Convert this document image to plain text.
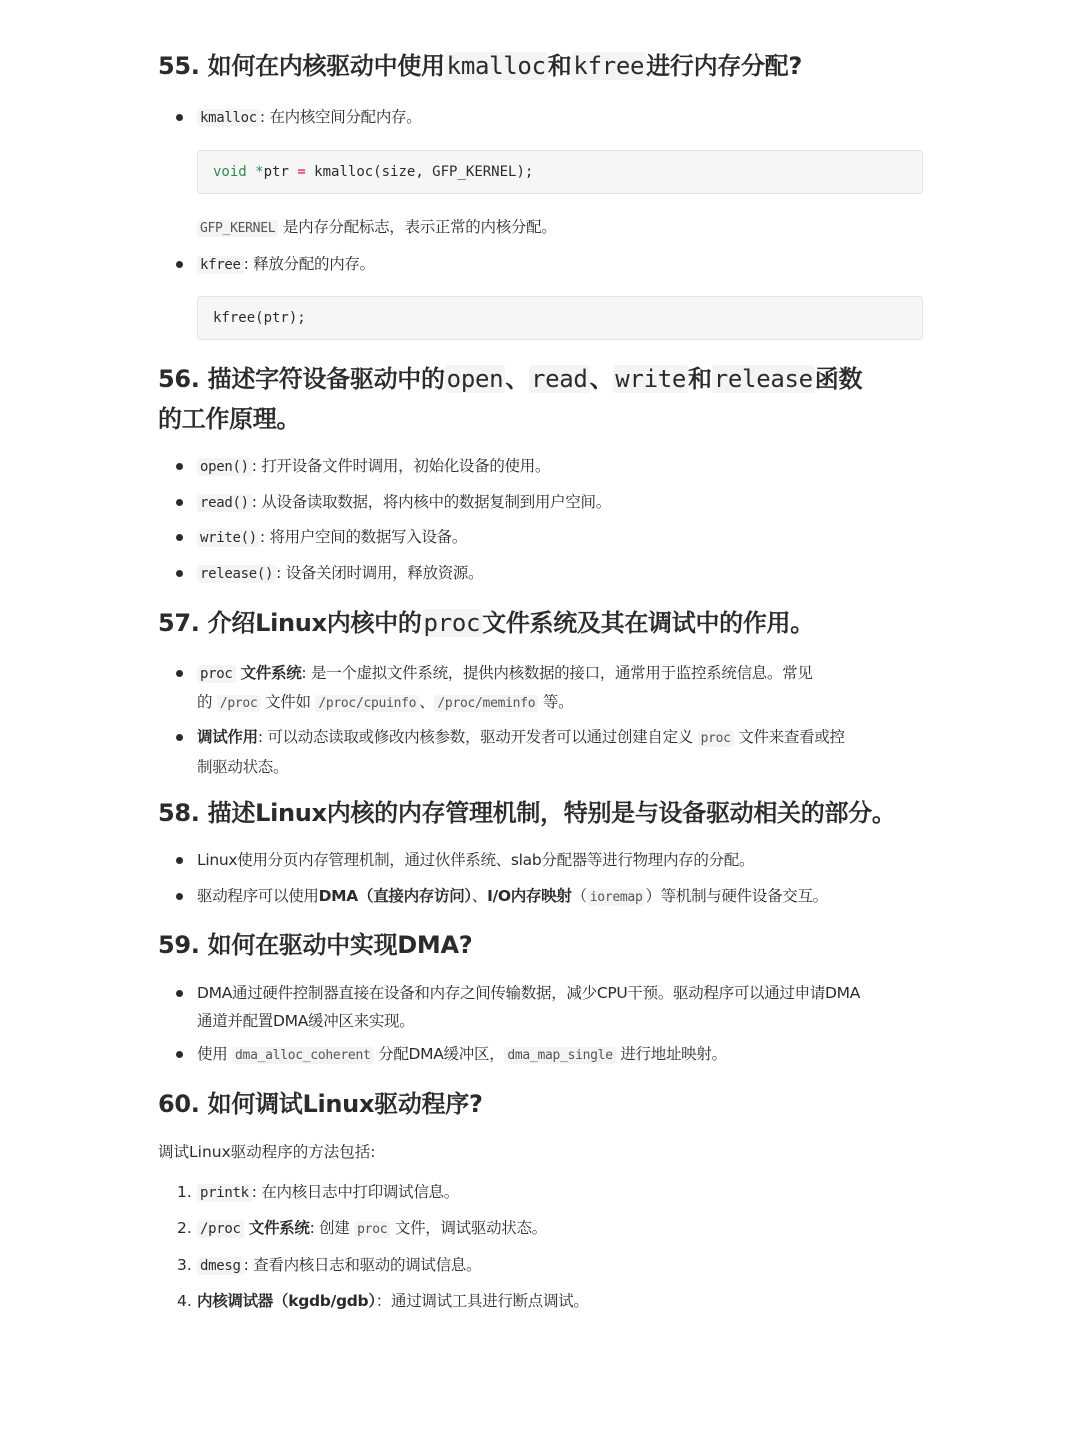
55. 如何在内核驱动中使用kmalloc和kfree进行内存分配?
kmalloc : 在内核空间分配内存。
void *ptr = kmalloc(size, GFP_KERNEL);
GFP_KERNEL 是内存分配标志，表示正常的内核分配。
kfree : 释放分配的内存。
kfree(ptr);
56. 描述字符设备驱动中的open、read、write和release函数
的工作原理。
open() : 打开设备文件时调用，初始化设备的使用。
read() : 从设备读取数据，将内核中的数据复制到用户空间。
write() : 将用户空间的数据写入设备。
release() : 设备关闭时调用，释放资源。
57. 介绍Linux内核中的proc文件系统及其在调试中的作用。
proc 文件系统: 是一个虚拟文件系统，提供内核数据的接口，通常用于监控系统信息。常见
的 /proc 文件如 /proc/cpuinfo 、 /proc/meminfo 等。
调试作用: 可以动态读取或修改内核参数，驱动开发者可以通过创建自定义 proc 文件来查看或控
制驱动状态。
58. 描述Linux内核的内存管理机制，特别是与设备驱动相关的部分。
Linux使用分页内存管理机制，通过伙伴系统、slab分配器等进行物理内存的分配。
驱动程序可以使用DMA（直接内存访问）、I/O内存映射（ ioremap ）等机制与硬件设备交互。
59. 如何在驱动中实现DMA?
DMA通过硬件控制器直接在设备和内存之间传输数据，减少CPU干预。驱动程序可以通过申请DMA
通道并配置DMA缓冲区来实现。
使用 dma_alloc_coherent 分配DMA缓冲区， dma_map_single 进行地址映射。
60. 如何调试Linux驱动程序?
调试Linux驱动程序的方法包括:
1. printk : 在内核日志中打印调试信息。
2. /proc 文件系统: 创建 proc 文件，调试驱动状态。
3. dmesg : 查看内核日志和驱动的调试信息。
4. 内核调试器（kgdb/gdb）：通过调试工具进行断点调试。
